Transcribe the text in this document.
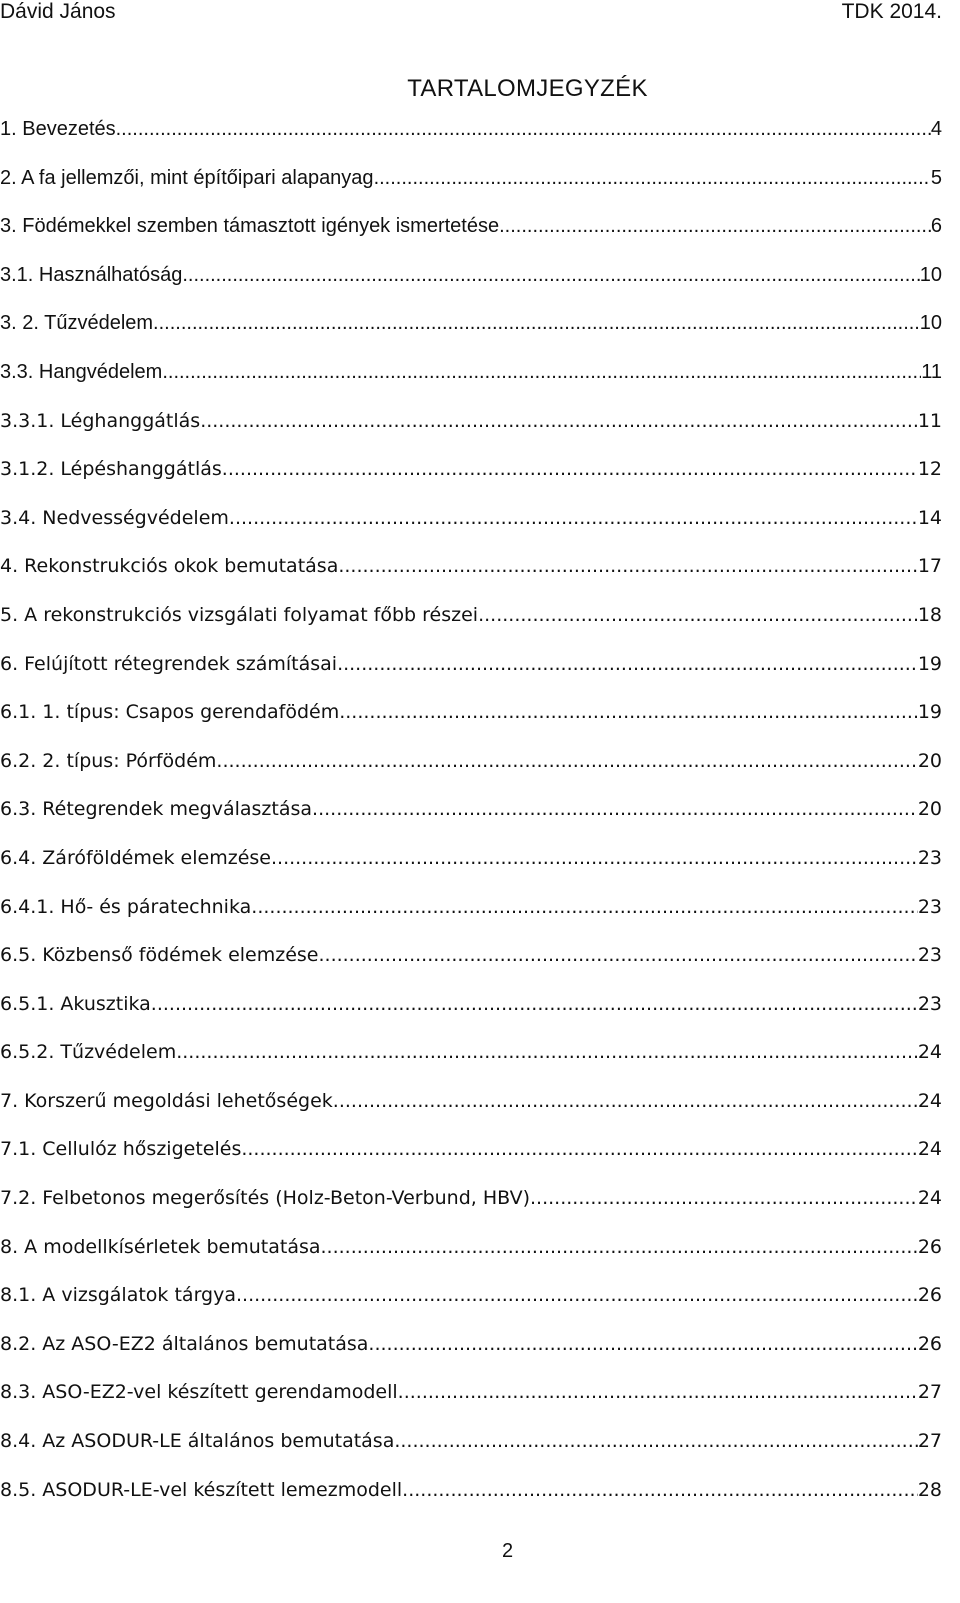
Dávid János	TDK 2014.
TARTALOMJEGYZÉK
1. Bevezetés .....	4
2. A fa jellemzői, mint építőipari alapanyag .....	5
3. Födémekkel szemben támasztott igények ismertetése .....	6
3.1. Használhatóság .....	10
3. 2. Tűzvédelem .....	10
3.3. Hangvédelem .....	11
3.3.1. Léghanggátlás .....	11
3.1.2. Lépéshanggátlás .....	12
3.4. Nedvességvédelem .....	14
4. Rekonstrukciós okok bemutatása .....	17
5. A rekonstrukciós vizsgálati folyamat főbb részei .....	18
6. Felújított rétegrendek számításai .....	19
6.1. 1. típus: Csapos gerendafödém .....	19
6.2. 2. típus: Pórfödém .....	20
6.3. Rétegrendek megválasztása .....	20
6.4. Záróföldémek elemzése .....	23
6.4.1. Hő- és páratechnika .....	23
6.5. Közbenső födémek elemzése .....	23
6.5.1. Akusztika .....	23
6.5.2. Tűzvédelem .....	24
7. Korszerű megoldási lehetőségek .....	24
7.1. Cellulóz hőszigetelés .....	24
7.2. Felbetonos megerősítés (Holz-Beton-Verbund, HBV) .....	24
8. A modellkísérletek bemutatása .....	26
8.1. A vizsgálatok tárgya .....	26
8.2. Az ASO-EZ2 általános bemutatása .....	26
8.3. ASO-EZ2-vel készített gerendamodell .....	27
8.4. Az ASODUR-LE általános bemutatása .....	27
8.5. ASODUR-LE-vel készített lemezmodell .....	28
2
